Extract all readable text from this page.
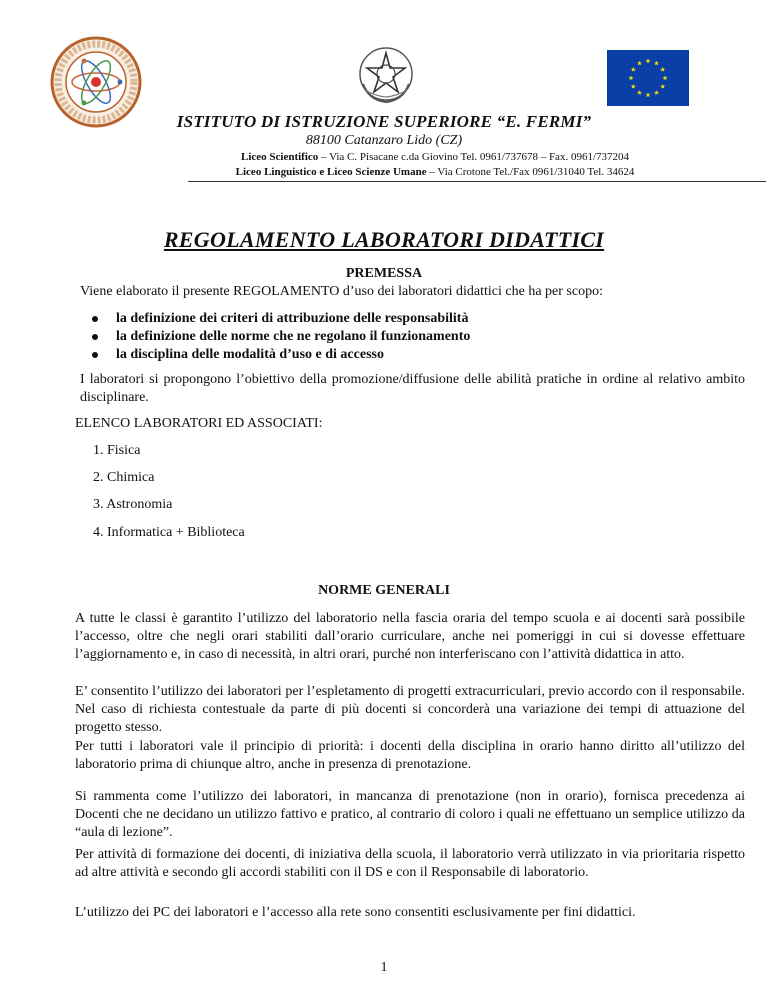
ISTITUTO DI ISTRUZIONE SUPERIORE “E. FERMI”
88100 Catanzaro Lido (CZ)
Liceo Scientifico – Via C. Pisacane c.da Giovino Tel. 0961/737678 – Fax. 0961/737204
Liceo Linguistico e Liceo Scienze Umane – Via Crotone Tel./Fax 0961/31040 Tel. 34624
REGOLAMENTO LABORATORI DIDATTICI
PREMESSA
Viene elaborato il presente REGOLAMENTO d’uso dei laboratori didattici che ha per scopo:
la definizione dei criteri di attribuzione delle responsabilità
la definizione delle norme che ne regolano il funzionamento
la disciplina delle modalità d’uso e di accesso
I laboratori si propongono l’obiettivo della promozione/diffusione delle abilità pratiche in ordine al relativo ambito disciplinare.
ELENCO LABORATORI ED ASSOCIATI:
1. Fisica
2. Chimica
3. Astronomia
4. Informatica + Biblioteca
NORME GENERALI
A tutte le classi è garantito l’utilizzo del laboratorio nella fascia oraria del tempo scuola e ai docenti sarà possibile l’accesso, oltre che negli orari stabiliti dall’orario curriculare, anche nei pomeriggi in cui si dovesse effettuare l’aggiornamento e, in caso di necessità, in altri orari, purché non interferiscano con l’attività didattica in atto.
E’ consentito l’utilizzo dei laboratori per l’espletamento di progetti extracurriculari, previo accordo con il responsabile. Nel caso di richiesta contestuale da parte di più docenti si concorderà una variazione dei tempi di attuazione del progetto stesso.
Per tutti i laboratori vale il principio di priorità: i docenti della disciplina in orario hanno diritto all’utilizzo del laboratorio prima di chiunque altro, anche in presenza di prenotazione.
Si rammenta come l’utilizzo dei laboratori, in mancanza di prenotazione (non in orario), fornisca precedenza ai Docenti che ne decidano un utilizzo fattivo e pratico, al contrario di coloro i quali ne effettuano un semplice utilizzo da “aula di lezione”.
Per attività di formazione dei docenti, di iniziativa della scuola, il laboratorio verrà utilizzato in via prioritaria rispetto ad altre attività e secondo gli accordi stabiliti con il DS e con il Responsabile di laboratorio.
L’utilizzo dei PC dei laboratori e l’accesso alla rete sono consentiti esclusivamente per fini didattici.
1
